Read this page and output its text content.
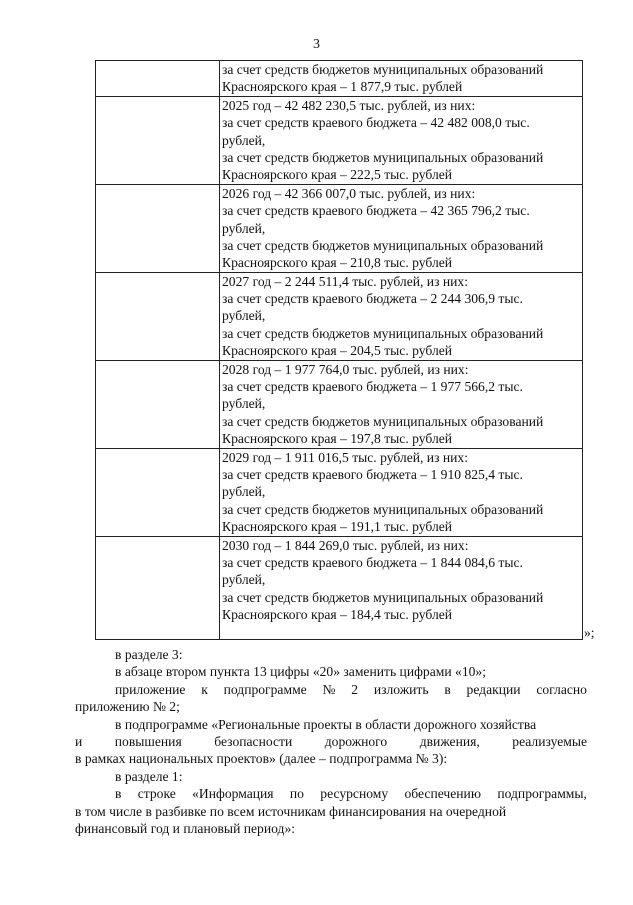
3

	за счет средств бюджетов муниципальных образований
Красноярского края – 1 877,9 тыс. рублей

	2025 год – 42 482 230,5 тыс. рублей, из них:
за счет средств краевого бюджета – 42 482 008,0 тыс.
рублей,
за счет средств бюджетов муниципальных образований
Красноярского края – 222,5 тыс. рублей

	2026 год – 42 366 007,0 тыс. рублей, из них:
за счет средств краевого бюджета – 42 365 796,2 тыс.
рублей,
за счет средств бюджетов муниципальных образований
Красноярского края – 210,8 тыс. рублей

	2027 год – 2 244 511,4 тыс. рублей, из них:
за счет средств краевого бюджета – 2 244 306,9 тыс.
рублей,
за счет средств бюджетов муниципальных образований
Красноярского края – 204,5 тыс. рублей

	2028 год – 1 977 764,0 тыс. рублей, из них:
за счет средств краевого бюджета – 1 977 566,2 тыс.
рублей,
за счет средств бюджетов муниципальных образований
Красноярского края – 197,8 тыс. рублей

	2029 год – 1 911 016,5 тыс. рублей, из них:
за счет средств краевого бюджета – 1 910 825,4 тыс.
рублей,
за счет средств бюджетов муниципальных образований
Красноярского края – 191,1 тыс. рублей

	2030 год – 1 844 269,0 тыс. рублей, из них:
за счет средств краевого бюджета – 1 844 084,6 тыс.
рублей,
за счет средств бюджетов муниципальных образований
Красноярского края – 184,4 тыс. рублей
»;
в разделе 3:
в абзаце втором пункта 13 цифры «20» заменить цифрами «10»;
приложение к подпрограмме № 2 изложить в редакции согласно
приложению № 2;
в подпрограмме «Региональные проекты в области дорожного хозяйства
и повышения безопасности дорожного движения, реализуемые
в рамках национальных проектов» (далее – подпрограмма № 3):
в разделе 1:
в строке «Информация по ресурсному обеспечению подпрограммы,
в том числе в разбивке по всем источникам финансирования на очередной
финансовый год и плановый период»:
